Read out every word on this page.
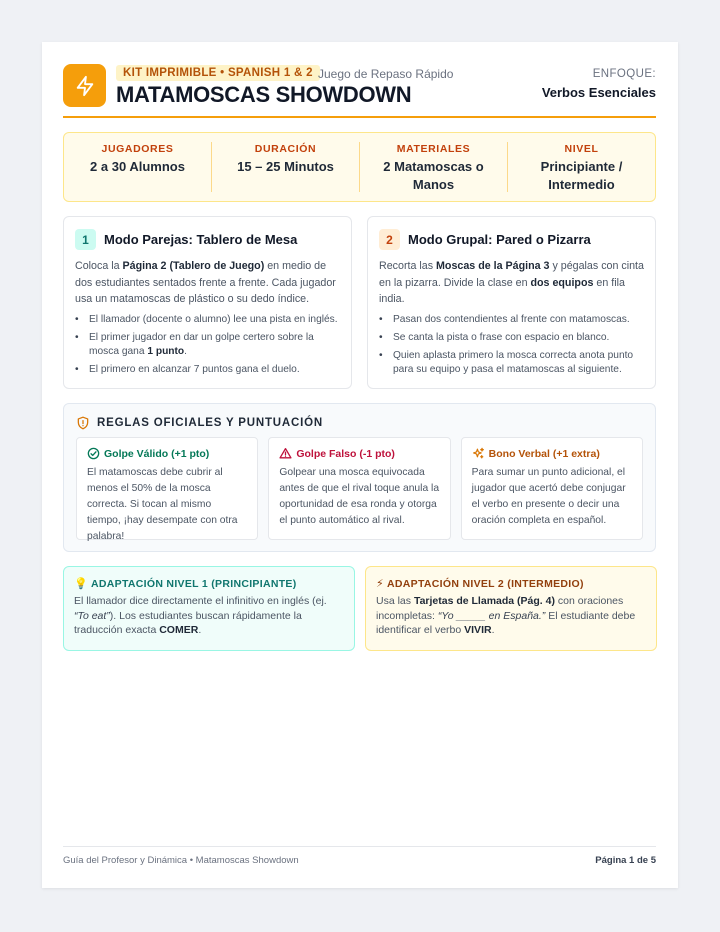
KIT IMPRIMIBLE • SPANISH 1 & 2 Juego de Repaso Rápido
MATAMOSCAS SHOWDOWN
ENFOQUE:
Verbos Esenciales
JUGADORES
2 a 30 Alumnos
DURACIÓN
15 – 25 Minutos
MATERIALES
2 Matamoscas o Manos
NIVEL
Principiante / Intermedio
1	Modo Parejas: Tablero de Mesa
Coloca la Página 2 (Tablero de Juego) en medio de dos estudiantes sentados frente a frente. Cada jugador usa un matamoscas de plástico o su dedo índice.
• El llamador (docente o alumno) lee una pista en inglés.
• El primer jugador en dar un golpe certero sobre la mosca gana 1 punto.
• El primero en alcanzar 7 puntos gana el duelo.
2	Modo Grupal: Pared o Pizarra
Recorta las Moscas de la Página 3 y pégalas con cinta en la pizarra. Divide la clase en dos equipos en fila india.
• Pasan dos contendientes al frente con matamoscas.
• Se canta la pista o frase con espacio en blanco.
• Quien aplasta primero la mosca correcta anota punto para su equipo y pasa el matamoscas al siguiente.
REGLAS OFICIALES Y PUNTUACIÓN
Golpe Válido (+1 pto)
El matamoscas debe cubrir al menos el 50% de la mosca correcta. Si tocan al mismo tiempo, ¡hay desempate con otra palabra!
Golpe Falso (-1 pto)
Golpear una mosca equivocada antes de que el rival toque anula la oportunidad de esa ronda y otorga el punto automático al rival.
Bono Verbal (+1 extra)
Para sumar un punto adicional, el jugador que acertó debe conjugar el verbo en presente o decir una oración completa en español.
💡 ADAPTACIÓN NIVEL 1 (PRINCIPIANTE)
El llamador dice directamente el infinitivo en inglés (ej. “To eat”). Los estudiantes buscan rápidamente la traducción exacta COMER.
⚡ ADAPTACIÓN NIVEL 2 (INTERMEDIO)
Usa las Tarjetas de Llamada (Pág. 4) con oraciones incompletas: “Yo _____ en España.” El estudiante debe identificar el verbo VIVIR.
Guía del Profesor y Dinámica • Matamoscas Showdown	Página 1 de 5
